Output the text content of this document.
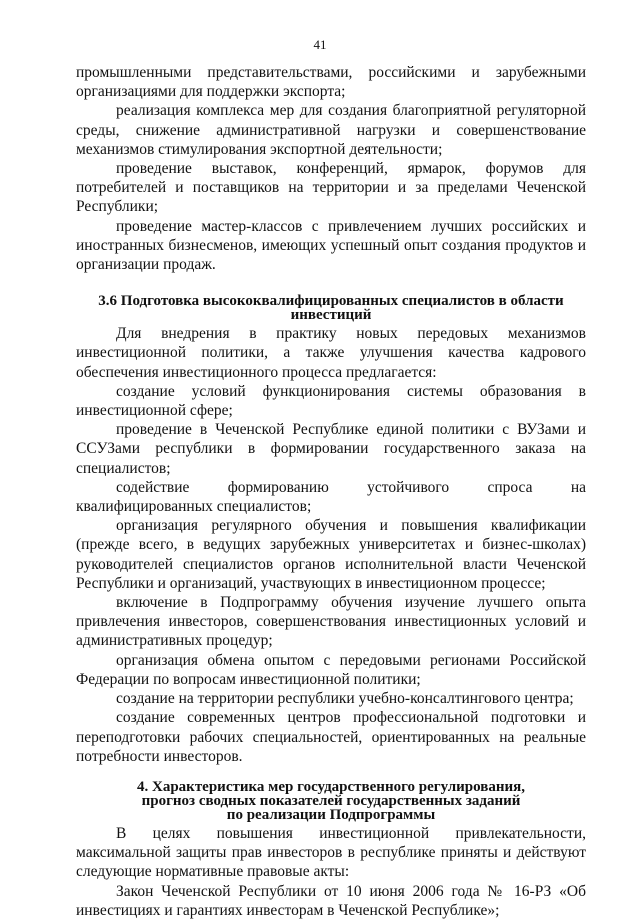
41

промышленными представительствами, российскими и зарубежными организациями для поддержки экспорта;

реализация комплекса мер для создания благоприятной регуляторной среды, снижение административной нагрузки и совершенствование механизмов стимулирования экспортной деятельности;

проведение выставок, конференций, ярмарок, форумов для потребителей и поставщиков на территории и за пределами Чеченской Республики;

проведение мастер-классов с привлечением лучших российских и иностранных бизнесменов, имеющих успешный опыт создания продуктов и организации продаж.

3.6 Подготовка высококвалифицированных специалистов в области
инвестиций

Для внедрения в практику новых передовых механизмов инвестиционной политики, а также улучшения качества кадрового обеспечения инвестиционного процесса предлагается:

создание условий функционирования системы образования в инвестиционной сфере;

проведение в Чеченской Республике единой политики с ВУЗами и ССУЗами республики в формировании государственного заказа на специалистов;

содействие формированию устойчивого спроса на квалифицированных специалистов;

организация регулярного обучения и повышения квалификации (прежде всего, в ведущих зарубежных университетах и бизнес-школах) руководителей специалистов органов исполнительной власти Чеченской Республики и организаций, участвующих в инвестиционном процессе;

включение в Подпрограмму обучения изучение лучшего опыта привлечения инвесторов, совершенствования инвестиционных условий и административных процедур;

организация обмена опытом с передовыми регионами Российской Федерации по вопросам инвестиционной политики;

создание на территории республики учебно-консалтингового центра;

создание современных центров профессиональной подготовки и переподготовки рабочих специальностей, ориентированных на реальные потребности инвесторов.

4. Характеристика мер государственного регулирования,
прогноз сводных показателей государственных заданий
по реализации Подпрограммы

В целях повышения инвестиционной привлекательности, максимальной защиты прав инвесторов в республике приняты и действуют следующие нормативные правовые акты:

Закон Чеченской Республики от 10 июня 2006 года № 16-РЗ «Об инвестициях и гарантиях инвесторам в Чеченской Республике»;
